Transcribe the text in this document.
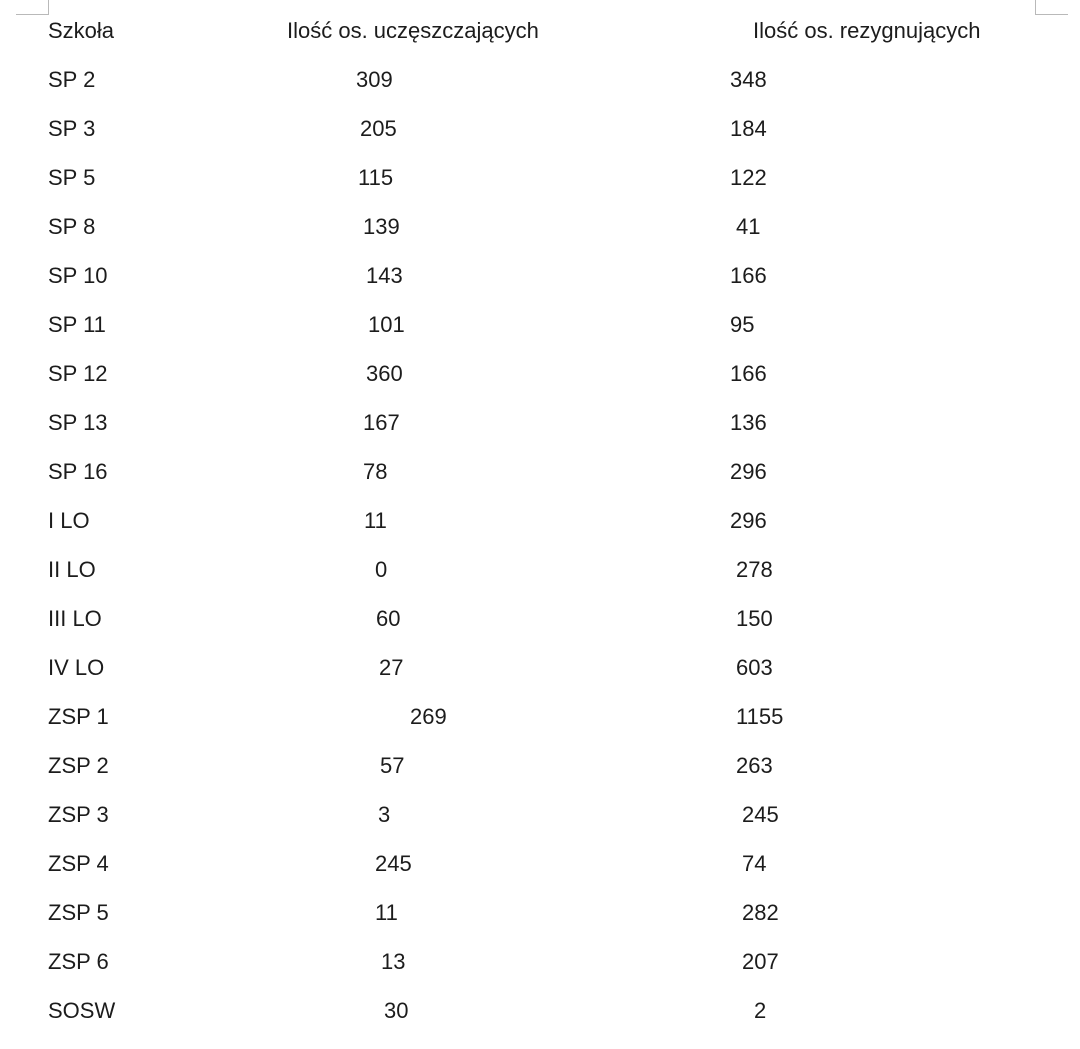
Szkoła	Ilość os. uczęszczających	Ilość os. rezygnujących
SP 2	309	348
SP 3	205	184
SP 5	115	122
SP 8	139	41
SP 10	143	166
SP 11	101	95
SP 12	360	166
SP 13	167	136
SP 16	78	296
I LO	11	296
II LO	0	278
III LO	60	150
IV LO	27	603
ZSP 1	269	1155
ZSP 2	57	263
ZSP 3	3	245
ZSP 4	245	74
ZSP 5	11	282
ZSP 6	13	207
SOSW	30	2
